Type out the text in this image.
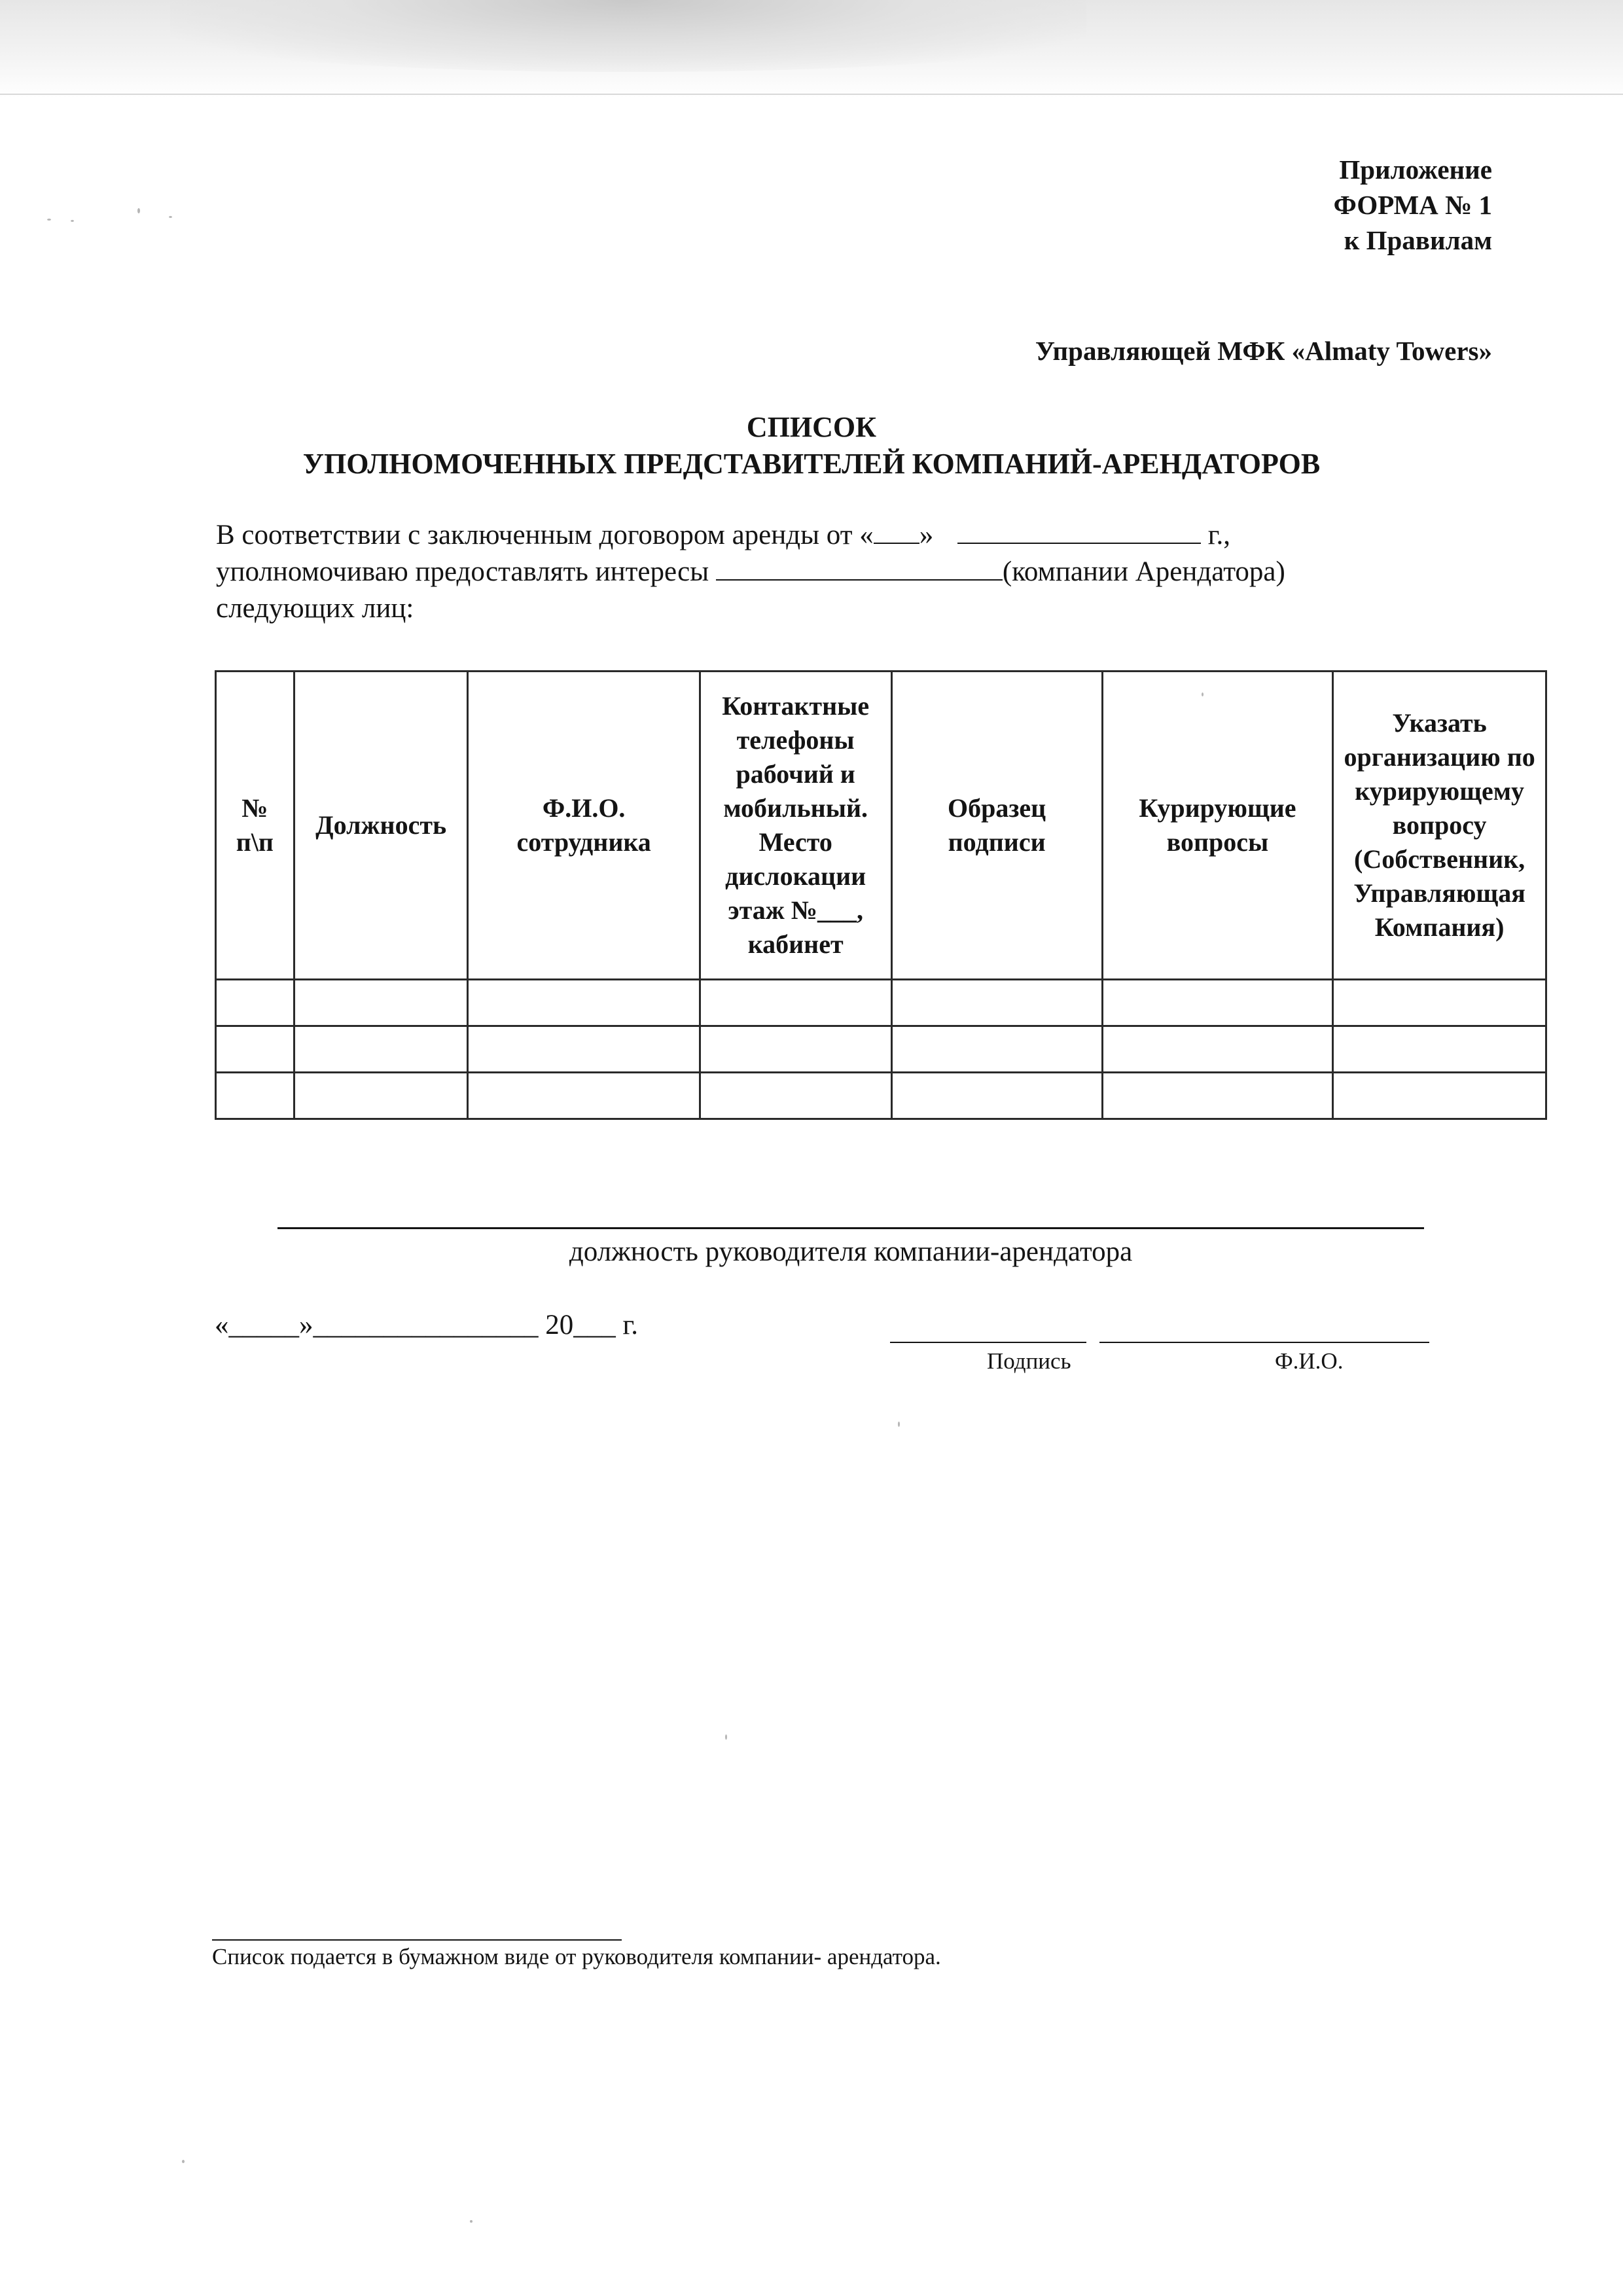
Приложение
ФОРМА № 1
к Правилам
Управляющей МФК «Almaty Towers»
СПИСОК
УПОЛНОМОЧЕННЫХ ПРЕДСТАВИТЕЛЕЙ КОМПАНИЙ-АРЕНДАТОРОВ
В соответствии с заключенным договором аренды от « »	г.,
уполномочиваю предоставлять интересы	(компании Арендатора)
следующих лиц:
№ п\п	Должность	Ф.И.О. сотрудника	Контактные телефоны рабочий и мобильный. Место дислокации этаж №___, кабинет	Образец подписи	Курирующие вопросы	Указать организацию по курирующему вопросу (Собственник, Управляющая Компания)

должность руководителя компании-арендатора
«_____»________________ 20___ г.
Подпись	Ф.И.О.
Список подается в бумажном виде от руководителя компании- арендатора.
